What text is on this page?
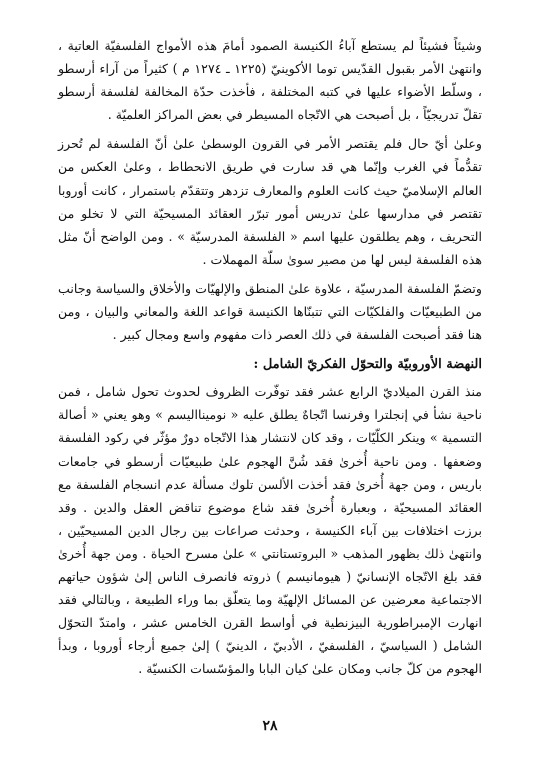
وشيئاً فشيئاً لم يستطع آباءُ الكنيسة الصمود أمامَ هذه الأمواج الفلسفيّة العاتية ، وانتهىٰ الأمر بقبول القدّيس توما الأكوينيّ (١٢٢٥ ـ ١٢٧٤ م ) كثيراً من آراء أرسطو ، وسلّط الأضواء عليها في كتبه المختلفة ، فأخذت حدّة المخالفة لفلسفة أرسطو تقلّ تدريجيّاً ، بل أصبحت هي الاتّجاه المسيطر في بعض المراكز العلميّة .

وعلىٰ أيّ حال فلم يقتصر الأمر في القرون الوسطىٰ علىٰ أنّ الفلسفة لم تُحرز تقدُّماً في الغرب وإنّما هي قد سارت في طريق الانحطاط ، وعلىٰ العكس من العالم الإسلاميّ حيث كانت العلوم والمعارف تزدهر وتتقدّم باستمرار ، كانت أوروبا تقتصر في مدارسها علىٰ تدريس أمور تبرّر العقائد المسيحيّة التي لا تخلو من التحريف ، وهم يطلقون عليها اسم « الفلسفة المدرسيّة » . ومن الواضح أنّ مثل هذه الفلسفة ليس لها من مصير سوىٰ سلّة المهملات .

وتضمّ الفلسفة المدرسيّة ، علاوة علىٰ المنطق والإلهيّات والأخلاق والسياسة وجانب من الطبيعيّات والفلكيّات التي تتبنّاها الكنيسة قواعد اللغة والمعاني والبيان ، ومن هنا فقد أصبحت الفلسفة في ذلك العصر ذات مفهوم واسع ومجال كبير .

النهضة الأوروبيّة والتحوّل الفكريّ الشامل :

منذ القرن الميلاديّ الرابع عشر فقد توفّرت الظروف لحدوث تحول شامل ، فمن ناحية نشأ في إنجلترا وفرنسا اتّجاهٌ يطلق عليه « نومينااليسم » وهو يعني « أصالة التسمية » وينكر الكلّيّات ، وقد كان لانتشار هذا الاتّجاه دورٌ مؤثّر في ركود الفلسفة وضعفها . ومن ناحية أُخرىٰ فقد شُنَّ الهجوم علىٰ طبيعيّات أرسطو في جامعات باريس ، ومن جهة أُخرىٰ فقد أخذت الألسن تلوك مسألة عدم انسجام الفلسفة مع العقائد المسيحيّة ، وبعبارة أُخرىٰ فقد شاع موضوع تناقض العقل والدين . وقد برزت اختلافات بين آباء الكنيسة ، وحدثت صراعات بين رجال الدين المسيحيّين ، وانتهىٰ ذلك بظهور المذهب « البروتستانتي » علىٰ مسرح الحياة . ومن جهة أُخرىٰ فقد بلغ الاتّجاه الإنسانيّ ( هيومانيسم ) ذروته فانصرف الناس إلىٰ شؤون حياتهم الاجتماعية معرضين عن المسائل الإلهيّة وما يتعلّق بما وراء الطبيعة ، وبالتالي فقد انهارت الإمبراطورية البيزنطية في أواسط القرن الخامس عشر ، وامتدّ التحوّل الشامل ( السياسيّ ، الفلسفيّ ، الأدبيّ ، الدينيّ ) إلىٰ جميع أرجاء أوروبا ، وبدأ الهجوم من كلّ جانب ومكان علىٰ كيان البابا والمؤسّسات الكنسيّة .

٢٨
